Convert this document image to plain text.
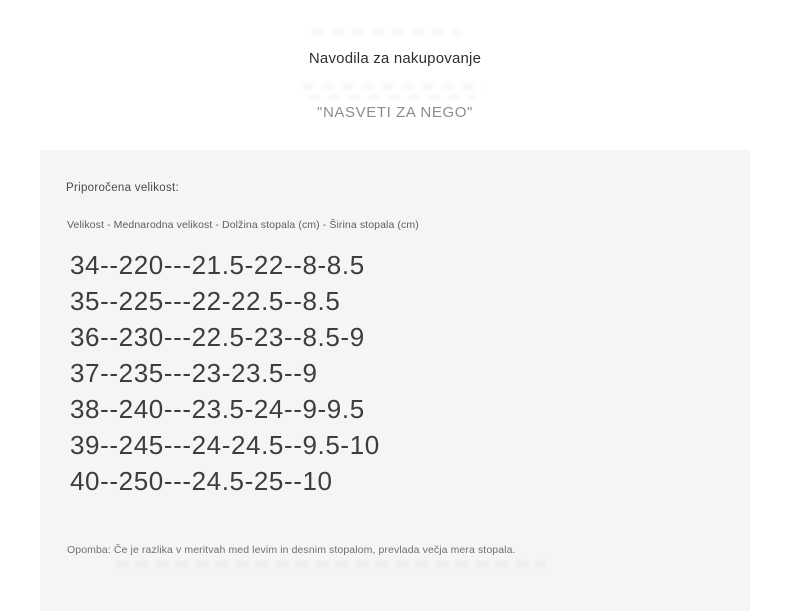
Navodila za nakupovanje
"NASVETI ZA NEGO"
Priporočena velikost:
Velikost - Mednarodna velikost - Dolžina stopala (cm) - Širina stopala (cm)
34--220---21.5-22--8-8.5
35--225---22-22.5--8.5
36--230---22.5-23--8.5-9
37--235---23-23.5--9
38--240---23.5-24--9-9.5
39--245---24-24.5--9.5-10
40--250---24.5-25--10
Opomba: Če je razlika v meritvah med levim in desnim stopalom, prevlada večja mera stopala.
